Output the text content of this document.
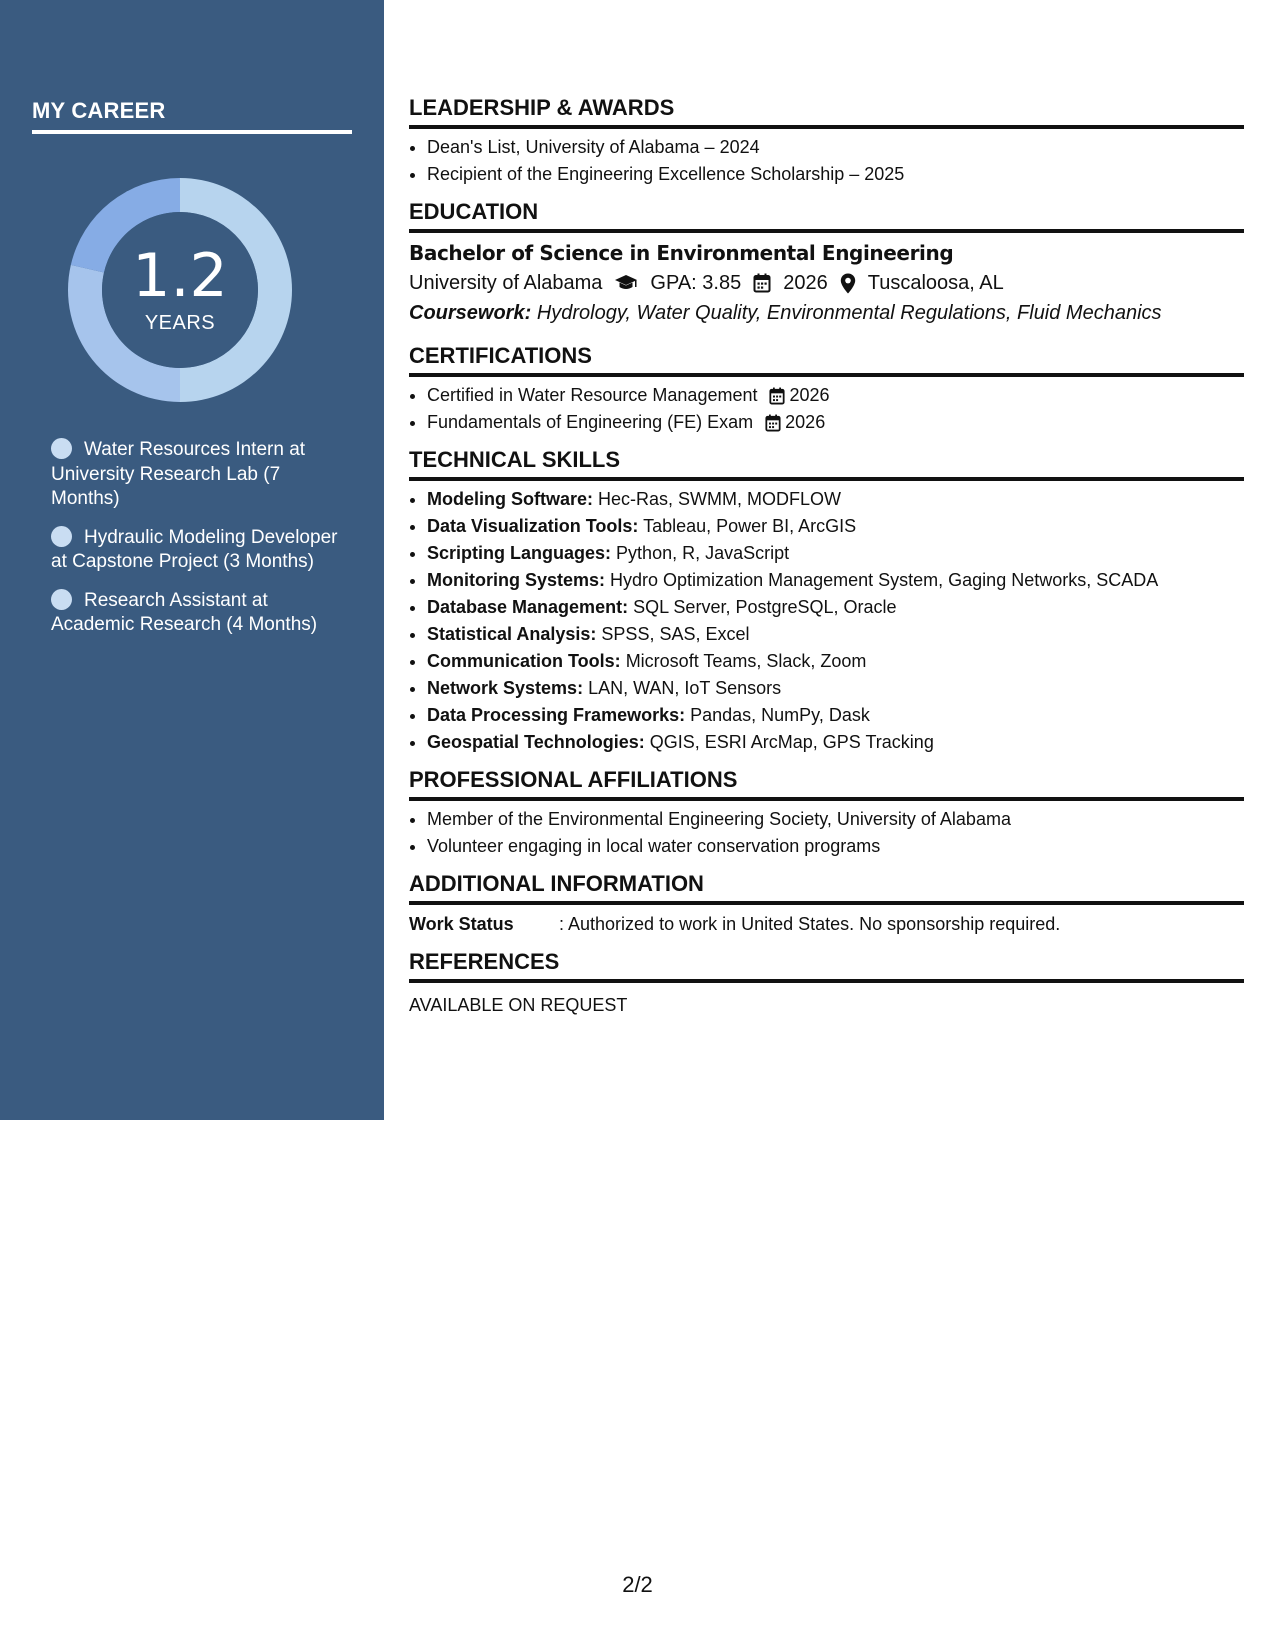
MY CAREER
1.2
YEARS
Water Resources Intern at University Research Lab (7 Months)
Hydraulic Modeling Developer at Capstone Project (3 Months)
Research Assistant at Academic Research (4 Months)
LEADERSHIP & AWARDS
• Dean's List, University of Alabama – 2024
• Recipient of the Engineering Excellence Scholarship – 2025
EDUCATION
Bachelor of Science in Environmental Engineering
University of Alabama GPA: 3.85 2026 Tuscaloosa, AL
Coursework: Hydrology, Water Quality, Environmental Regulations, Fluid Mechanics
CERTIFICATIONS
• Certified in Water Resource Management 2026
• Fundamentals of Engineering (FE) Exam 2026
TECHNICAL SKILLS
• Modeling Software: Hec-Ras, SWMM, MODFLOW
• Data Visualization Tools: Tableau, Power BI, ArcGIS
• Scripting Languages: Python, R, JavaScript
• Monitoring Systems: Hydro Optimization Management System, Gaging Networks, SCADA
• Database Management: SQL Server, PostgreSQL, Oracle
• Statistical Analysis: SPSS, SAS, Excel
• Communication Tools: Microsoft Teams, Slack, Zoom
• Network Systems: LAN, WAN, IoT Sensors
• Data Processing Frameworks: Pandas, NumPy, Dask
• Geospatial Technologies: QGIS, ESRI ArcMap, GPS Tracking
PROFESSIONAL AFFILIATIONS
• Member of the Environmental Engineering Society, University of Alabama
• Volunteer engaging in local water conservation programs
ADDITIONAL INFORMATION
Work Status	: Authorized to work in United States. No sponsorship required.
REFERENCES
AVAILABLE ON REQUEST
2/2
